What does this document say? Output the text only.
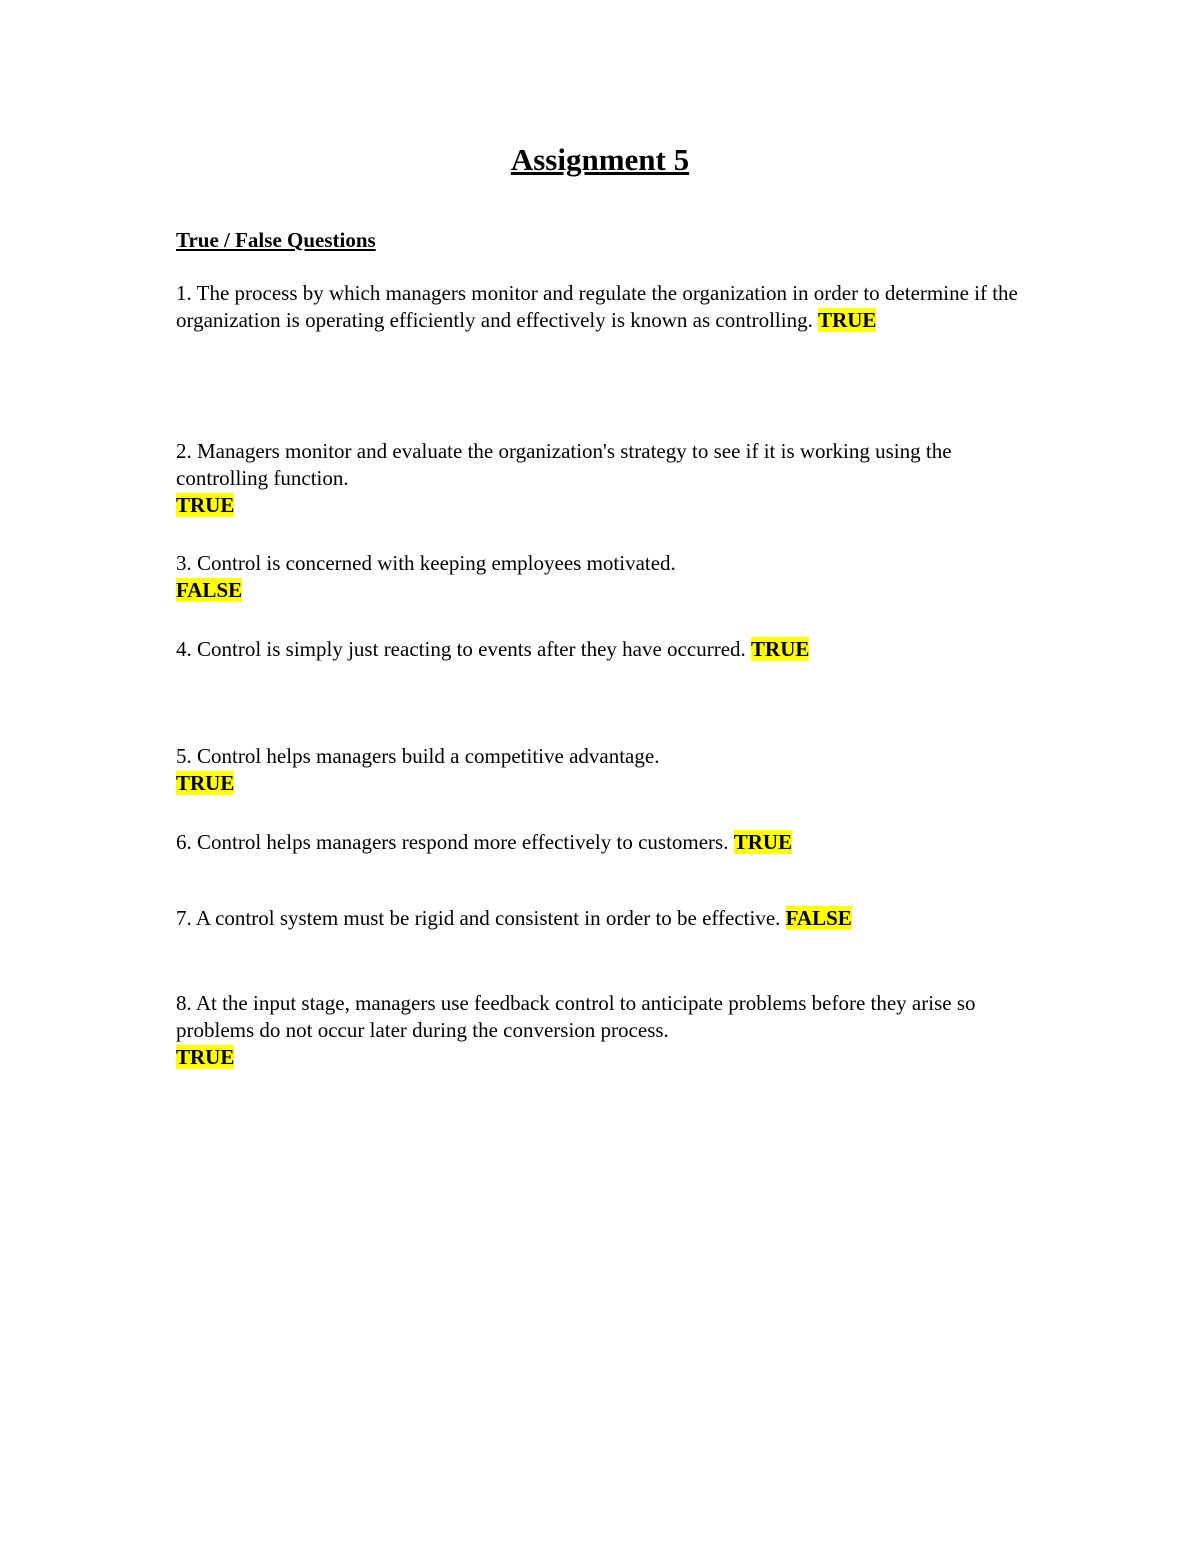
Assignment 5
True / False Questions
1. The process by which managers monitor and regulate the organization in order to determine if the organization is operating efficiently and effectively is known as controlling. TRUE
2. Managers monitor and evaluate the organization's strategy to see if it is working using the controlling function.
TRUE
3. Control is concerned with keeping employees motivated.
FALSE
4. Control is simply just reacting to events after they have occurred. TRUE
5. Control helps managers build a competitive advantage.
TRUE
6. Control helps managers respond more effectively to customers. TRUE
7. A control system must be rigid and consistent in order to be effective. FALSE
8. At the input stage, managers use feedback control to anticipate problems before they arise so problems do not occur later during the conversion process.
TRUE
